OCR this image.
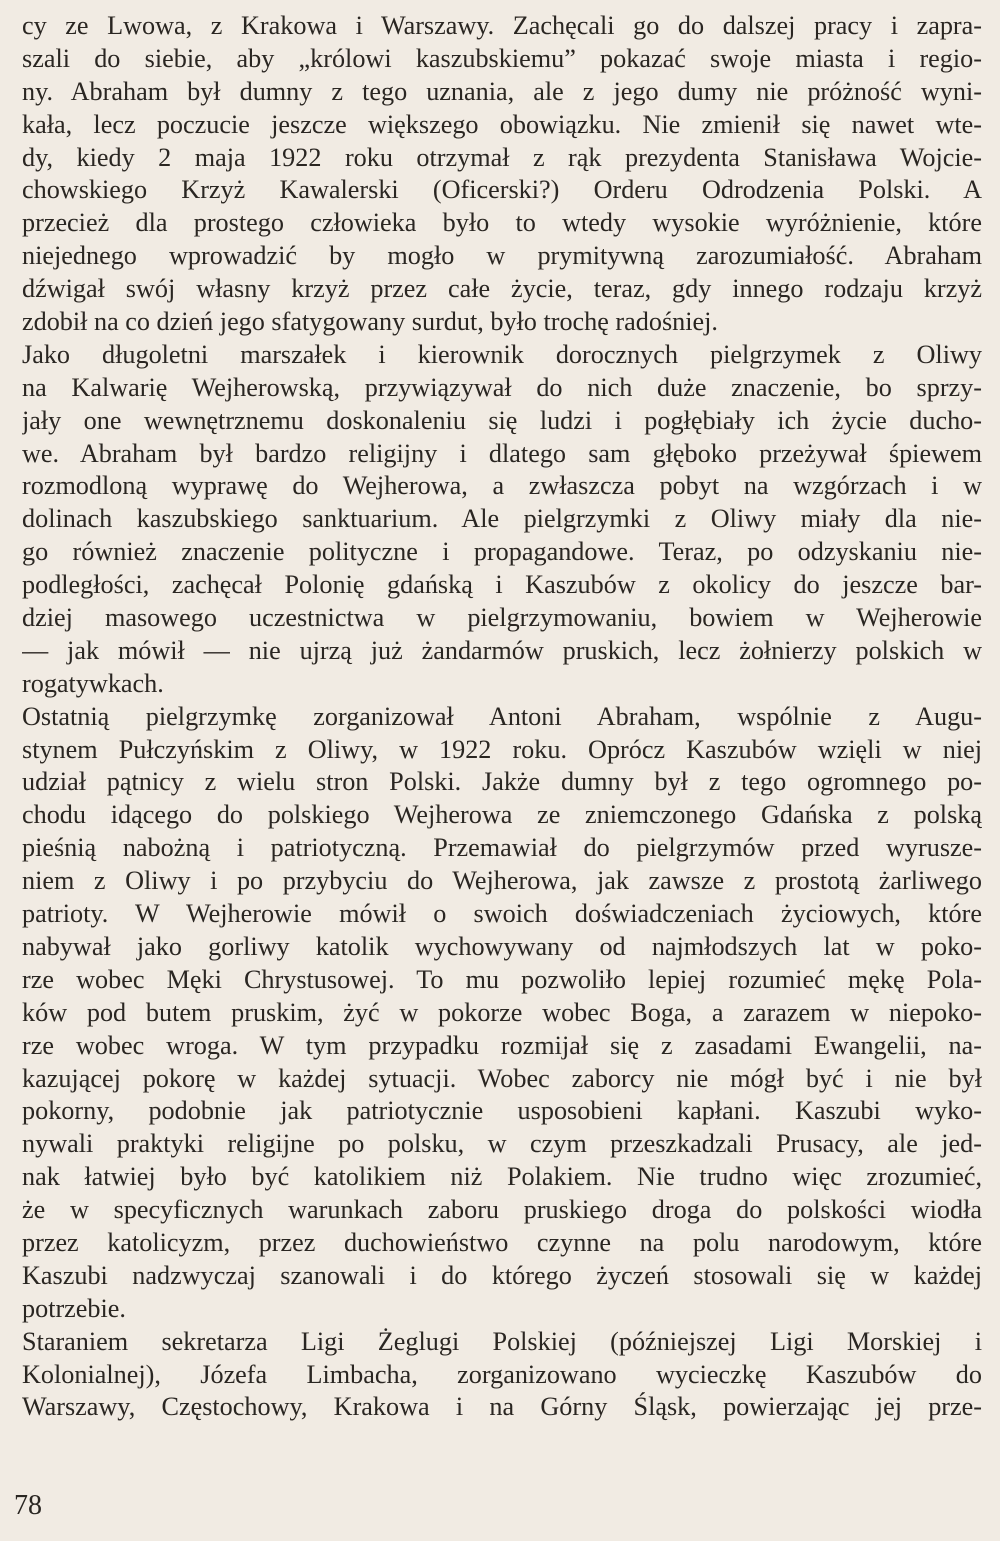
cy ze Lwowa, z Krakowa i Warszawy. Zachęcali go do dalszej pracy i zapra-
szali do siebie, aby „królowi kaszubskiemu” pokazać swoje miasta i regio-
ny. Abraham był dumny z tego uznania, ale z jego dumy nie próżność wyni-
kała, lecz poczucie jeszcze większego obowiązku. Nie zmienił się nawet wte-
dy, kiedy 2 maja 1922 roku otrzymał z rąk prezydenta Stanisława Wojcie-
chowskiego Krzyż Kawalerski (Oficerski?) Orderu Odrodzenia Polski. A
przecież dla prostego człowieka było to wtedy wysokie wyróżnienie, które
niejednego wprowadzić by mogło w prymitywną zarozumiałość. Abraham
dźwigał swój własny krzyż przez całe życie, teraz, gdy innego rodzaju krzyż
zdobił na co dzień jego sfatygowany surdut, było trochę radośniej.
Jako długoletni marszałek i kierownik dorocznych pielgrzymek z Oliwy
na Kalwarię Wejherowską, przywiązywał do nich duże znaczenie, bo sprzy-
jały one wewnętrznemu doskonaleniu się ludzi i pogłębiały ich życie ducho-
we. Abraham był bardzo religijny i dlatego sam głęboko przeżywał śpiewem
rozmodloną wyprawę do Wejherowa, a zwłaszcza pobyt na wzgórzach i w
dolinach kaszubskiego sanktuarium. Ale pielgrzymki z Oliwy miały dla nie-
go również znaczenie polityczne i propagandowe. Teraz, po odzyskaniu nie-
podległości, zachęcał Polonię gdańską i Kaszubów z okolicy do jeszcze bar-
dziej masowego uczestnictwa w pielgrzymowaniu, bowiem w Wejherowie
— jak mówił — nie ujrzą już żandarmów pruskich, lecz żołnierzy polskich w
rogatywkach.
Ostatnią pielgrzymkę zorganizował Antoni Abraham, wspólnie z Augu-
stynem Pułczyńskim z Oliwy, w 1922 roku. Oprócz Kaszubów wzięli w niej
udział pątnicy z wielu stron Polski. Jakże dumny był z tego ogromnego po-
chodu idącego do polskiego Wejherowa ze zniemczonego Gdańska z polską
pieśnią nabożną i patriotyczną. Przemawiał do pielgrzymów przed wyrusze-
niem z Oliwy i po przybyciu do Wejherowa, jak zawsze z prostotą żarliwego
patrioty. W Wejherowie mówił o swoich doświadczeniach życiowych, które
nabywał jako gorliwy katolik wychowywany od najmłodszych lat w poko-
rze wobec Męki Chrystusowej. To mu pozwoliło lepiej rozumieć mękę Pola-
ków pod butem pruskim, żyć w pokorze wobec Boga, a zarazem w niepoko-
rze wobec wroga. W tym przypadku rozmijał się z zasadami Ewangelii, na-
kazującej pokorę w każdej sytuacji. Wobec zaborcy nie mógł być i nie był
pokorny, podobnie jak patriotycznie usposobieni kapłani. Kaszubi wyko-
nywali praktyki religijne po polsku, w czym przeszkadzali Prusacy, ale jed-
nak łatwiej było być katolikiem niż Polakiem. Nie trudno więc zrozumieć,
że w specyficznych warunkach zaboru pruskiego droga do polskości wiodła
przez katolicyzm, przez duchowieństwo czynne na polu narodowym, które
Kaszubi nadzwyczaj szanowali i do którego życzeń stosowali się w każdej
potrzebie.
Staraniem sekretarza Ligi Żeglugi Polskiej (późniejszej Ligi Morskiej i
Kolonialnej), Józefa Limbacha, zorganizowano wycieczkę Kaszubów do
Warszawy, Częstochowy, Krakowa i na Górny Śląsk, powierzając jej prze-
78
